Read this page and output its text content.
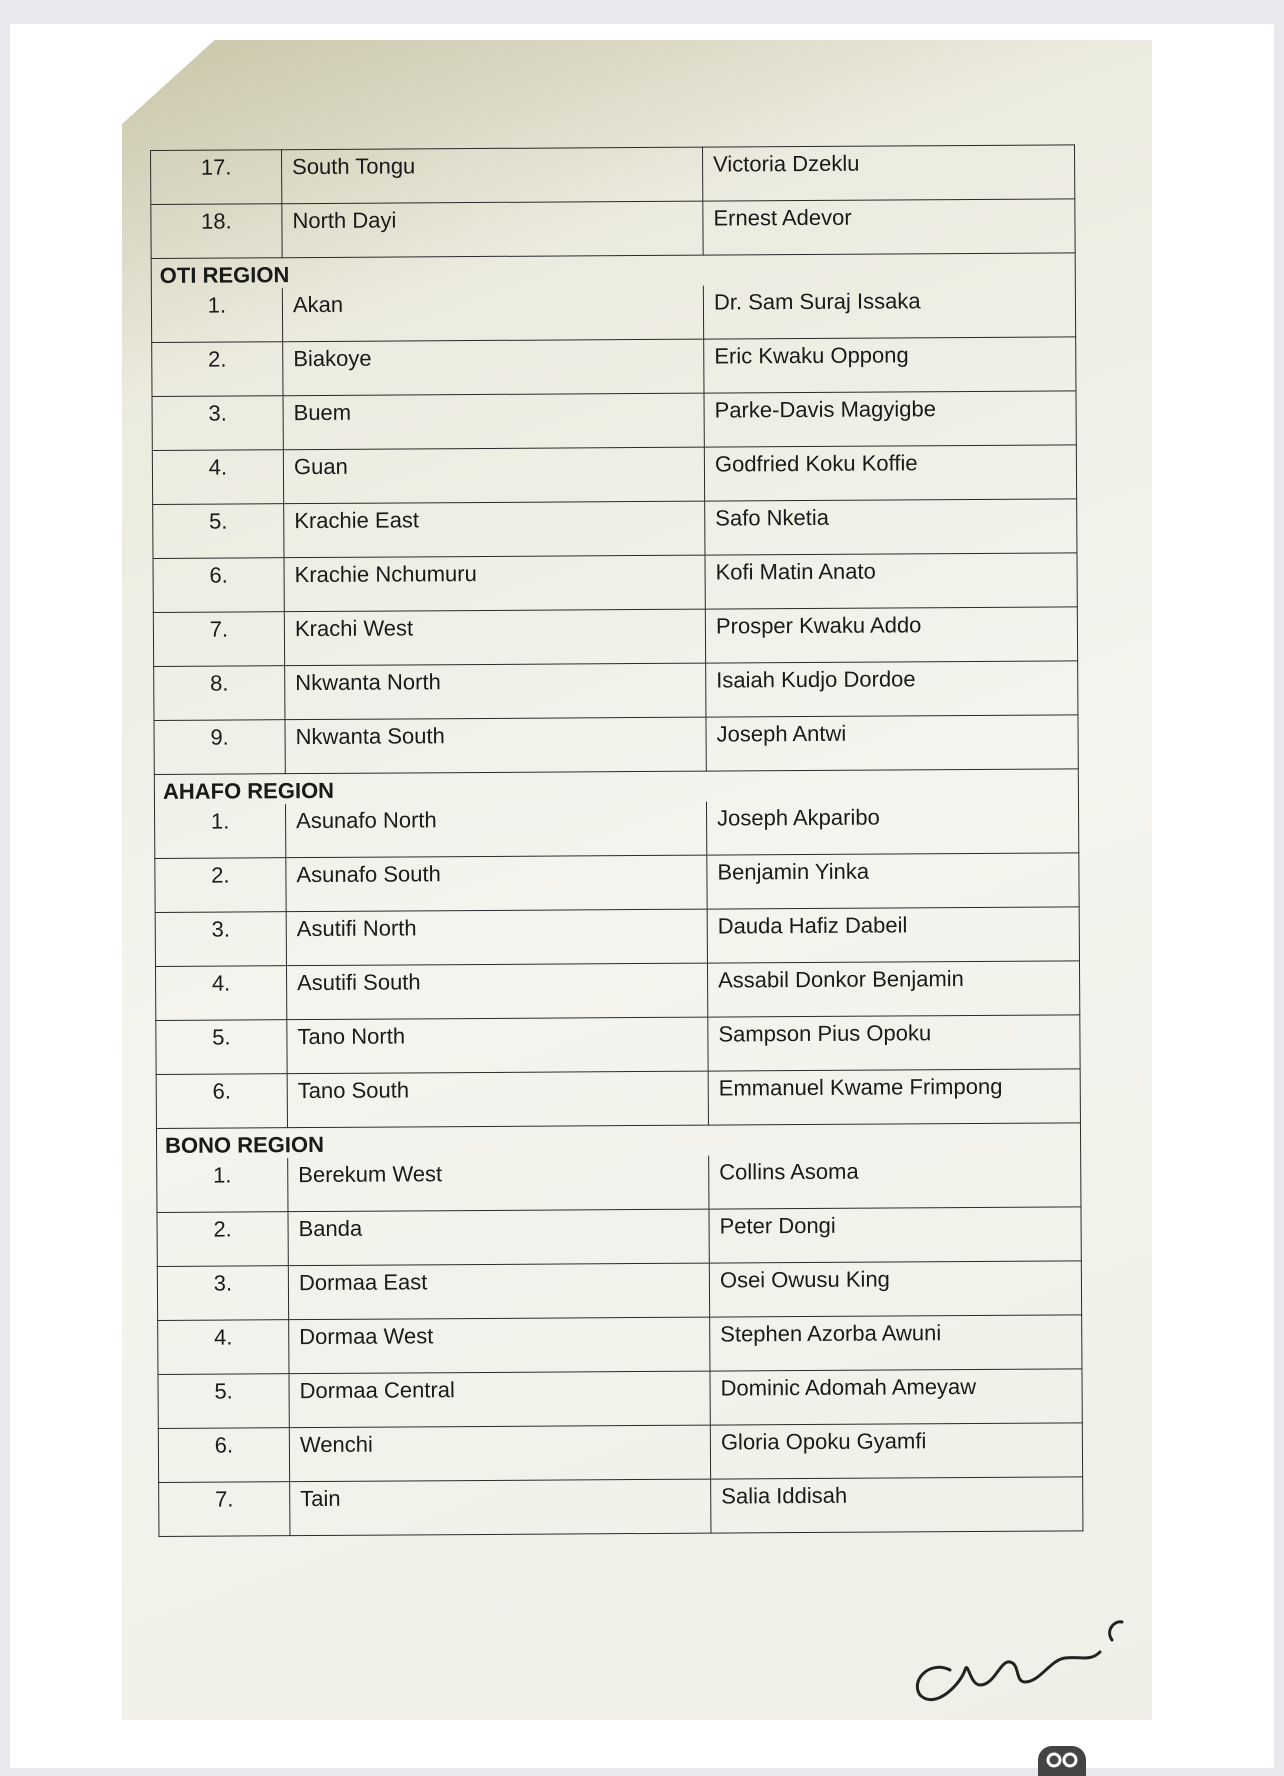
17.	South Tongu	Victoria Dzeklu
18.	North Dayi	Ernest Adevor
OTI REGION		
1.	Akan	Dr. Sam Suraj Issaka
2.	Biakoye	Eric Kwaku Oppong
3.	Buem	Parke-Davis Magyigbe
4.	Guan	Godfried Koku Koffie
5.	Krachie East	Safo Nketia
6.	Krachie Nchumuru	Kofi Matin Anato
7.	Krachi West	Prosper Kwaku Addo
8.	Nkwanta North	Isaiah Kudjo Dordoe
9.	Nkwanta South	Joseph Antwi
AHAFO REGION		
1.	Asunafo North	Joseph Akparibo
2.	Asunafo South	Benjamin Yinka
3.	Asutifi North	Dauda Hafiz Dabeil
4.	Asutifi South	Assabil Donkor Benjamin
5.	Tano North	Sampson Pius Opoku
6.	Tano South	Emmanuel Kwame Frimpong
BONO REGION		
1.	Berekum West	Collins Asoma
2.	Banda	Peter Dongi
3.	Dormaa East	Osei Owusu King
4.	Dormaa West	Stephen Azorba Awuni
5.	Dormaa Central	Dominic Adomah Ameyaw
6.	Wenchi	Gloria Opoku Gyamfi
7.	Tain	Salia Iddisah
